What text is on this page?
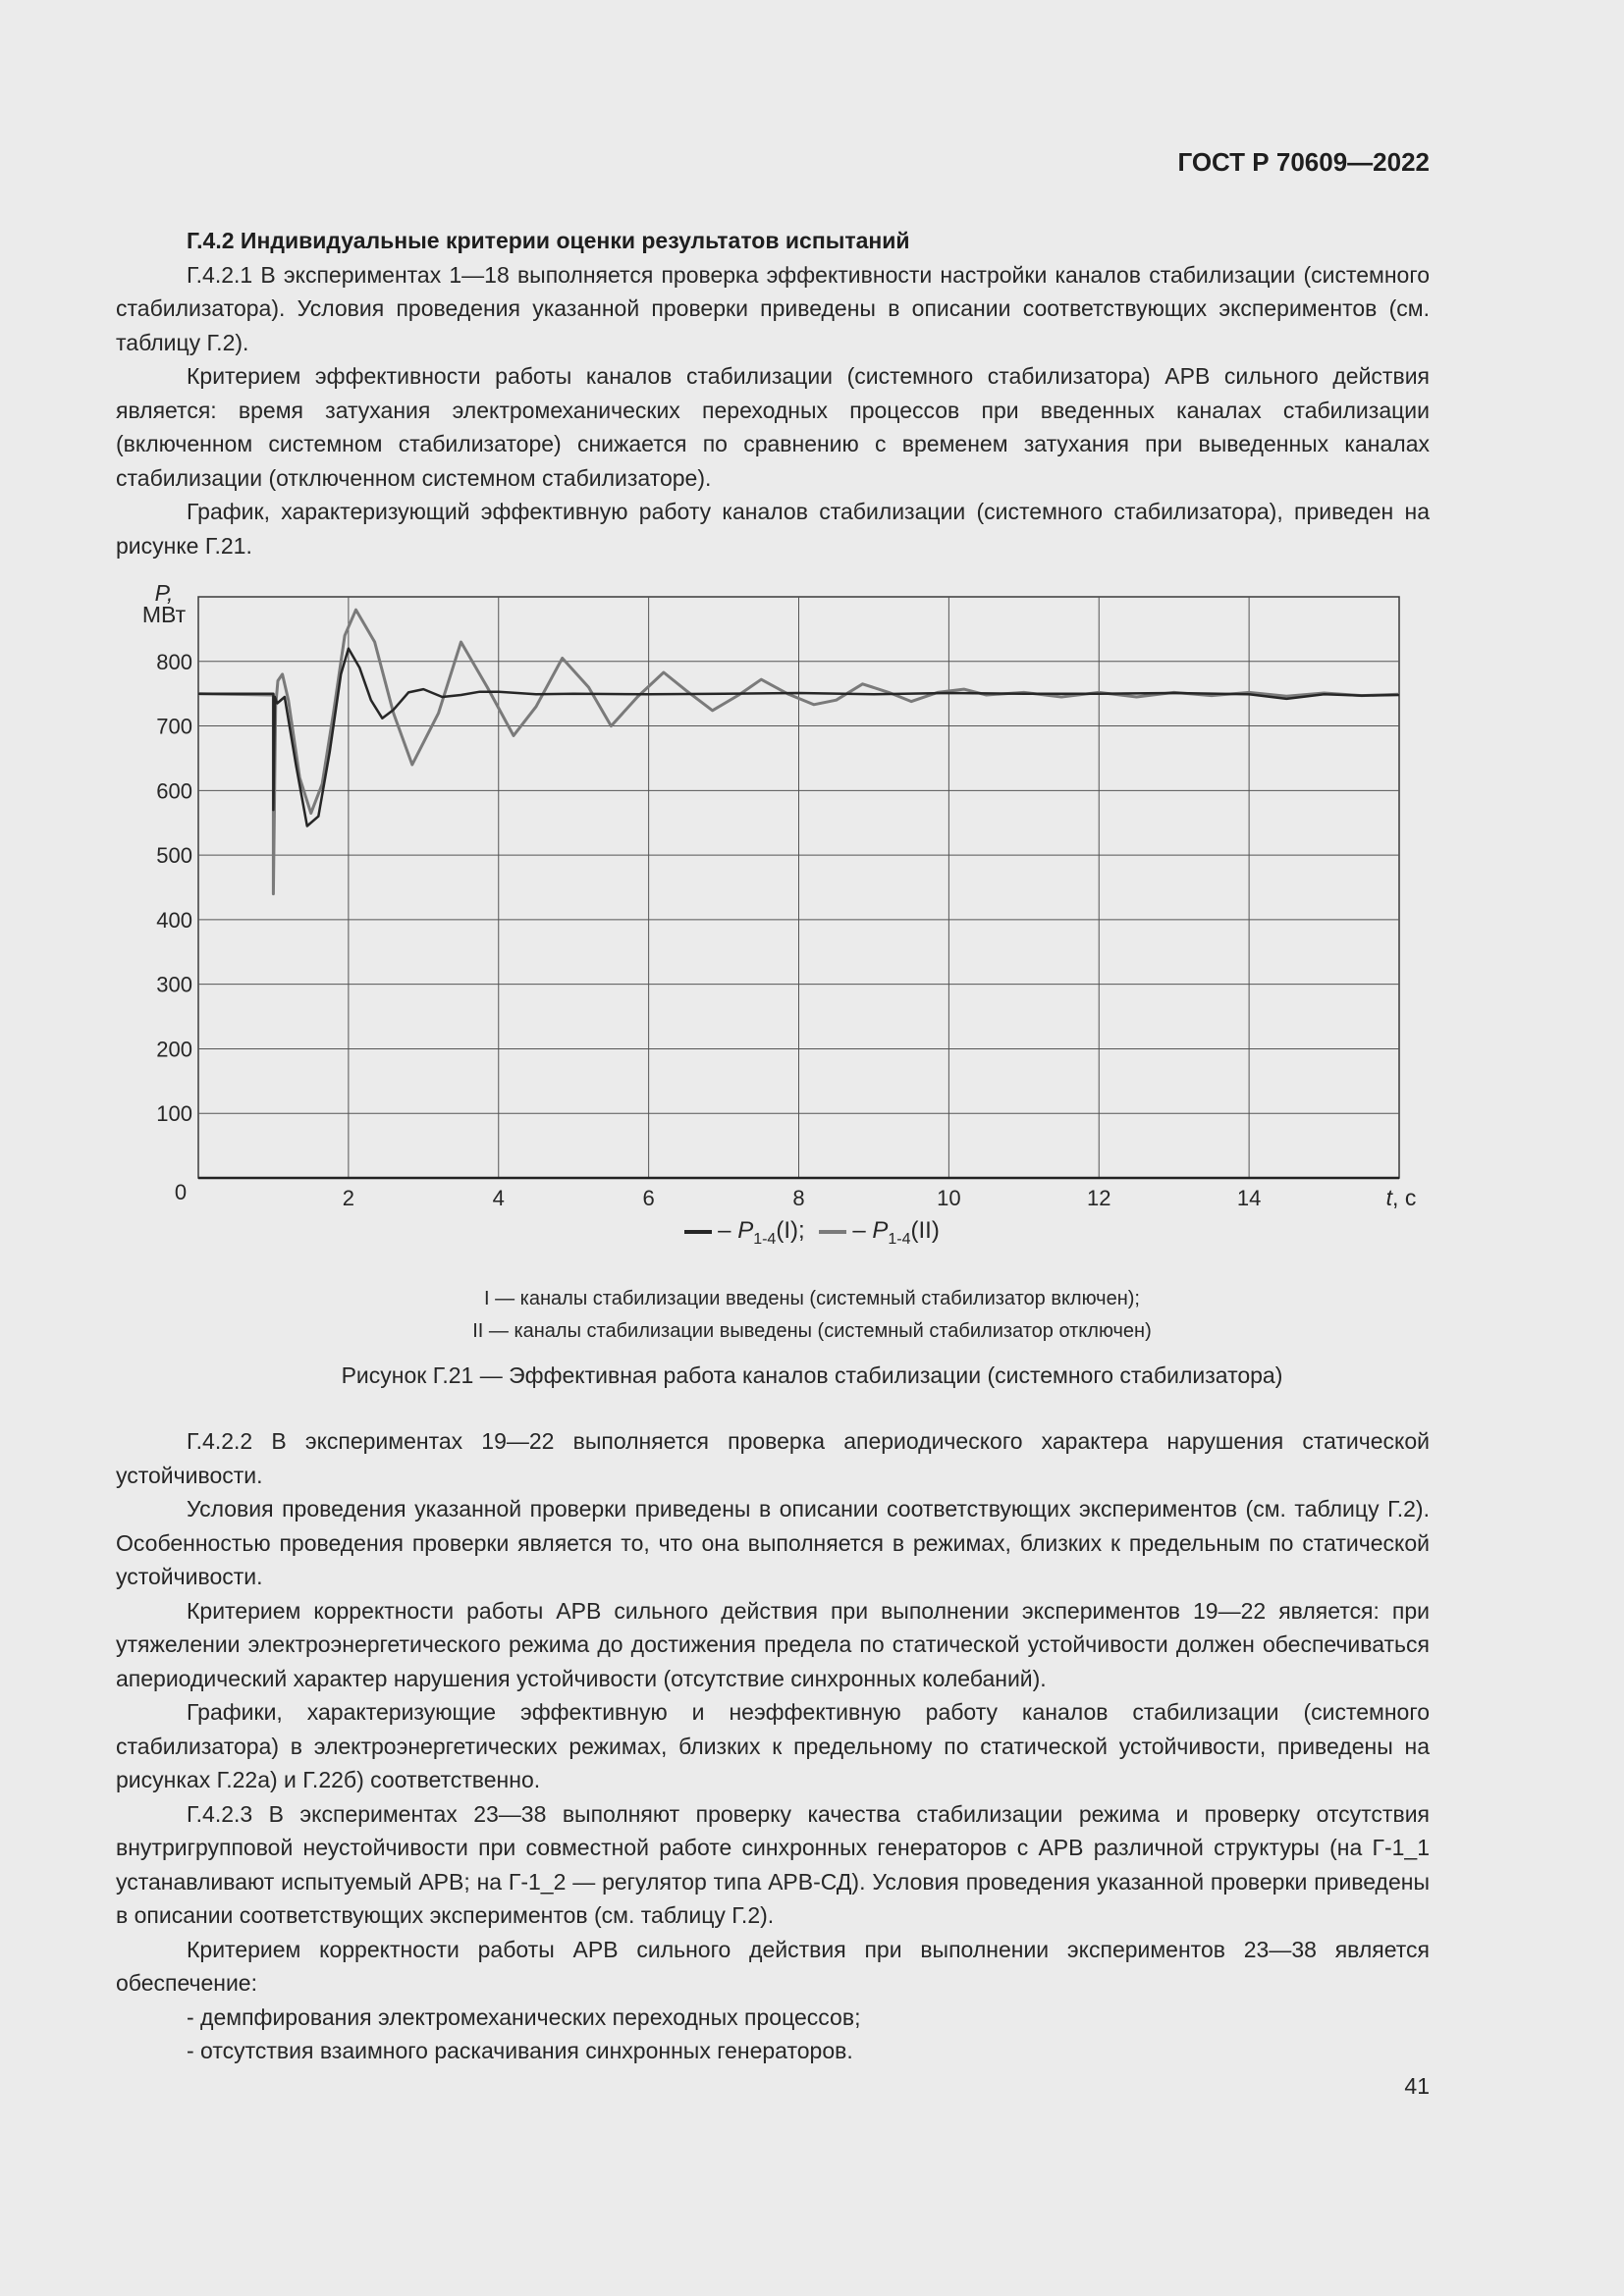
ГОСТ Р 70609—2022

Г.4.2 Индивидуальные критерии оценки результатов испытаний

Г.4.2.1 В экспериментах 1—18 выполняется проверка эффективности настройки каналов стабилизации (системного стабилизатора). Условия проведения указанной проверки приведены в описании соответствующих экспериментов (см. таблицу Г.2).

Критерием эффективности работы каналов стабилизации (системного стабилизатора) АРВ сильного действия является: время затухания электромеханических переходных процессов при введенных каналах стабилизации (включенном системном стабилизаторе) снижается по сравнению с временем затухания при выведенных каналах стабилизации (отключенном системном стабилизаторе).

График, характеризующий эффективную работу каналов стабилизации (системного стабилизатора), приведен на рисунке Г.21.

2	4	6	8	10	12	14
100
200
300
400
500
600
700
800
0
P, МВт
t, с
– $P_{1-4}(I)$; – $P_{1-4}(II)$
I — каналы стабилизации введены (системный стабилизатор включен);
II — каналы стабилизации выведены (системный стабилизатор отключен)
Рисунок Г.21 — Эффективная работа каналов стабилизации (системного стабилизатора)

Г.4.2.2 В экспериментах 19—22 выполняется проверка апериодического характера нарушения статической устойчивости.

Условия проведения указанной проверки приведены в описании соответствующих экспериментов (см. таблицу Г.2). Особенностью проведения проверки является то, что она выполняется в режимах, близких к предельным по статической устойчивости.

Критерием корректности работы АРВ сильного действия при выполнении экспериментов 19—22 является: при утяжелении электроэнергетического режима до достижения предела по статической устойчивости должен обеспечиваться апериодический характер нарушения устойчивости (отсутствие синхронных колебаний).

Графики, характеризующие эффективную и неэффективную работу каналов стабилизации (системного стабилизатора) в электроэнергетических режимах, близких к предельному по статической устойчивости, приведены на рисунках Г.22а) и Г.22б) соответственно.

Г.4.2.3 В экспериментах 23—38 выполняют проверку качества стабилизации режима и проверку отсутствия внутригрупповой неустойчивости при совместной работе синхронных генераторов с АРВ различной структуры (на Г-1_1 устанавливают испытуемый АРВ; на Г-1_2 — регулятор типа АРВ-СД). Условия проведения указанной проверки приведены в описании соответствующих экспериментов (см. таблицу Г.2).

Критерием корректности работы АРВ сильного действия при выполнении экспериментов 23—38 является обеспечение:

- демпфирования электромеханических переходных процессов;

- отсутствия взаимного раскачивания синхронных генераторов.

41
